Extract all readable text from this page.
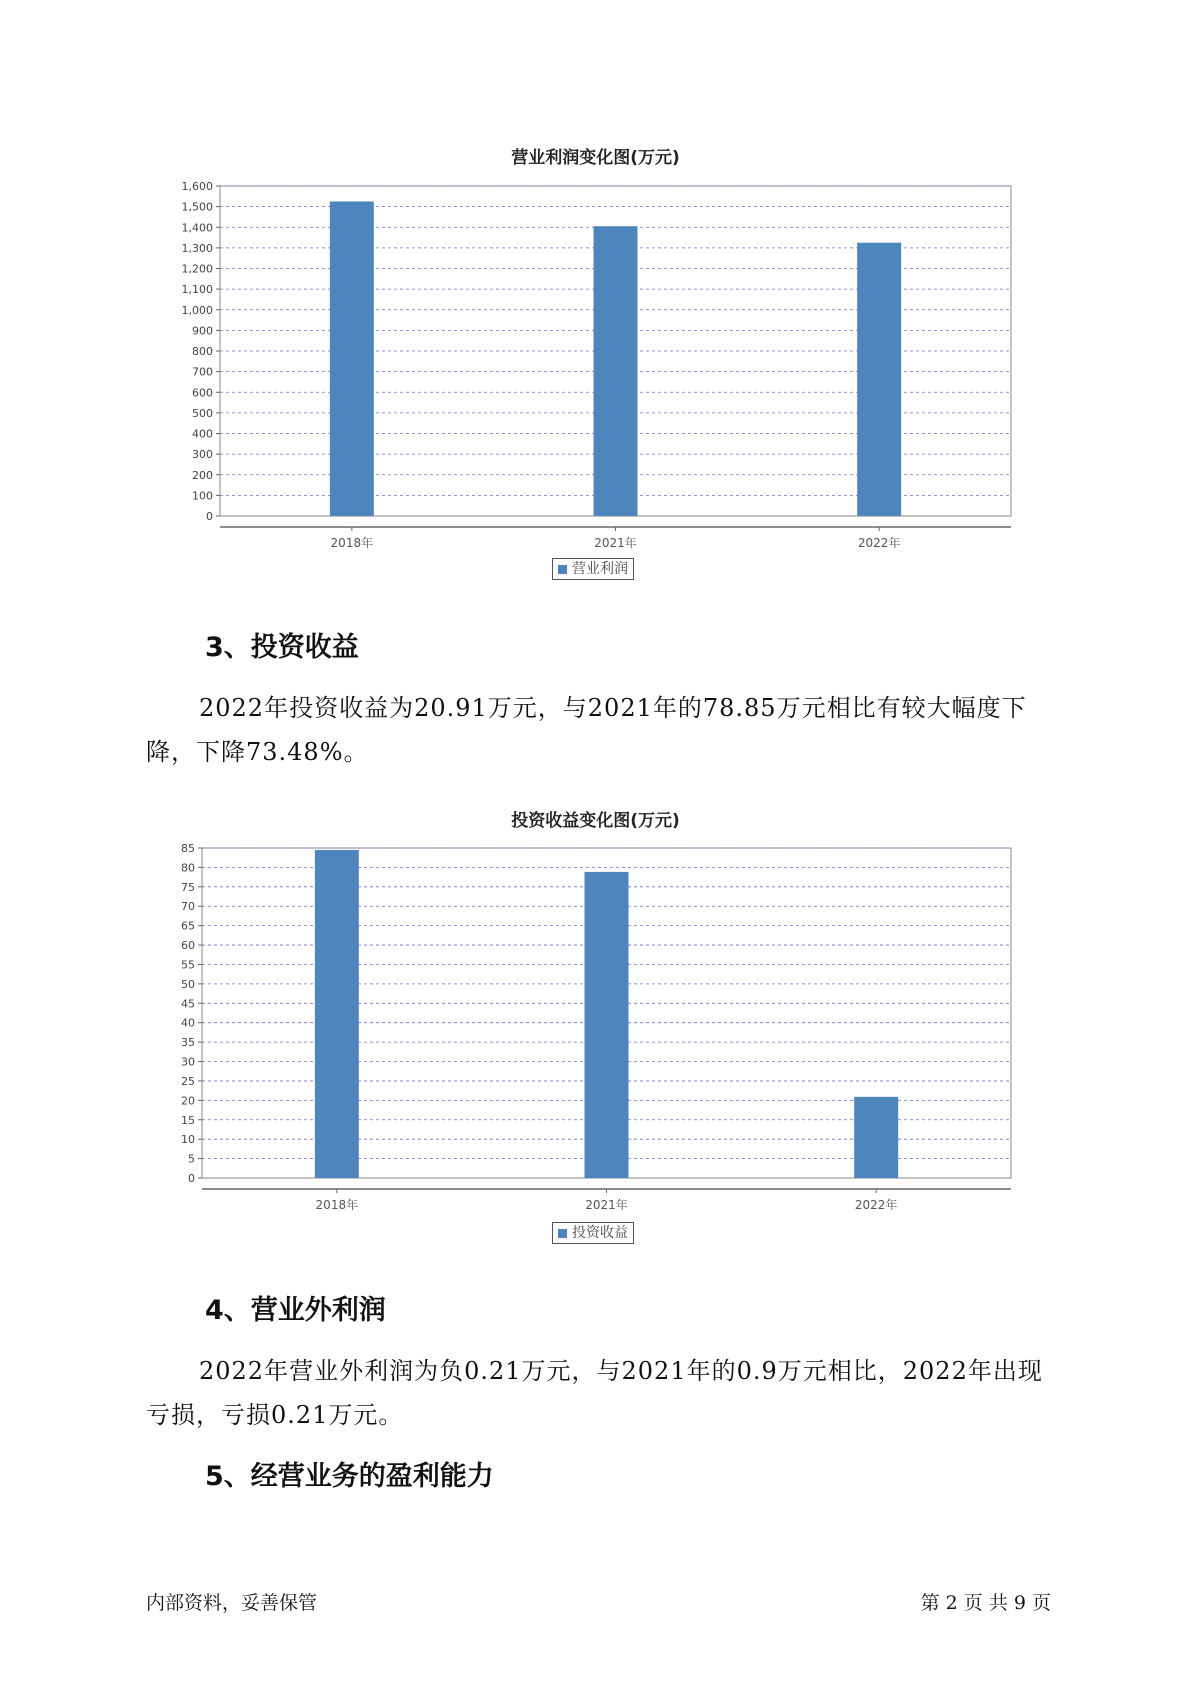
营业利润变化图(万元)
0
100
200
300
400
500
600
700
800
900
1,000
1,100
1,200
1,300
1,400
1,500
1,600
2018年	2021年	2022年
营业利润
3、投资收益

2022年投资收益为20.91万元，与2021年的78.85万元相比有较大幅度下降，下降73.48%。

投资收益变化图(万元)
0
5
10
15
20
25
30
35
40
45
50
55
60
65
70
75
80
85
2018年	2021年	2022年
投资收益
4、营业外利润

2022年营业外利润为负0.21万元，与2021年的0.9万元相比，2022年出现亏损，亏损0.21万元。

5、经营业务的盈利能力
内部资料，妥善保管	第 2 页 共 9 页
